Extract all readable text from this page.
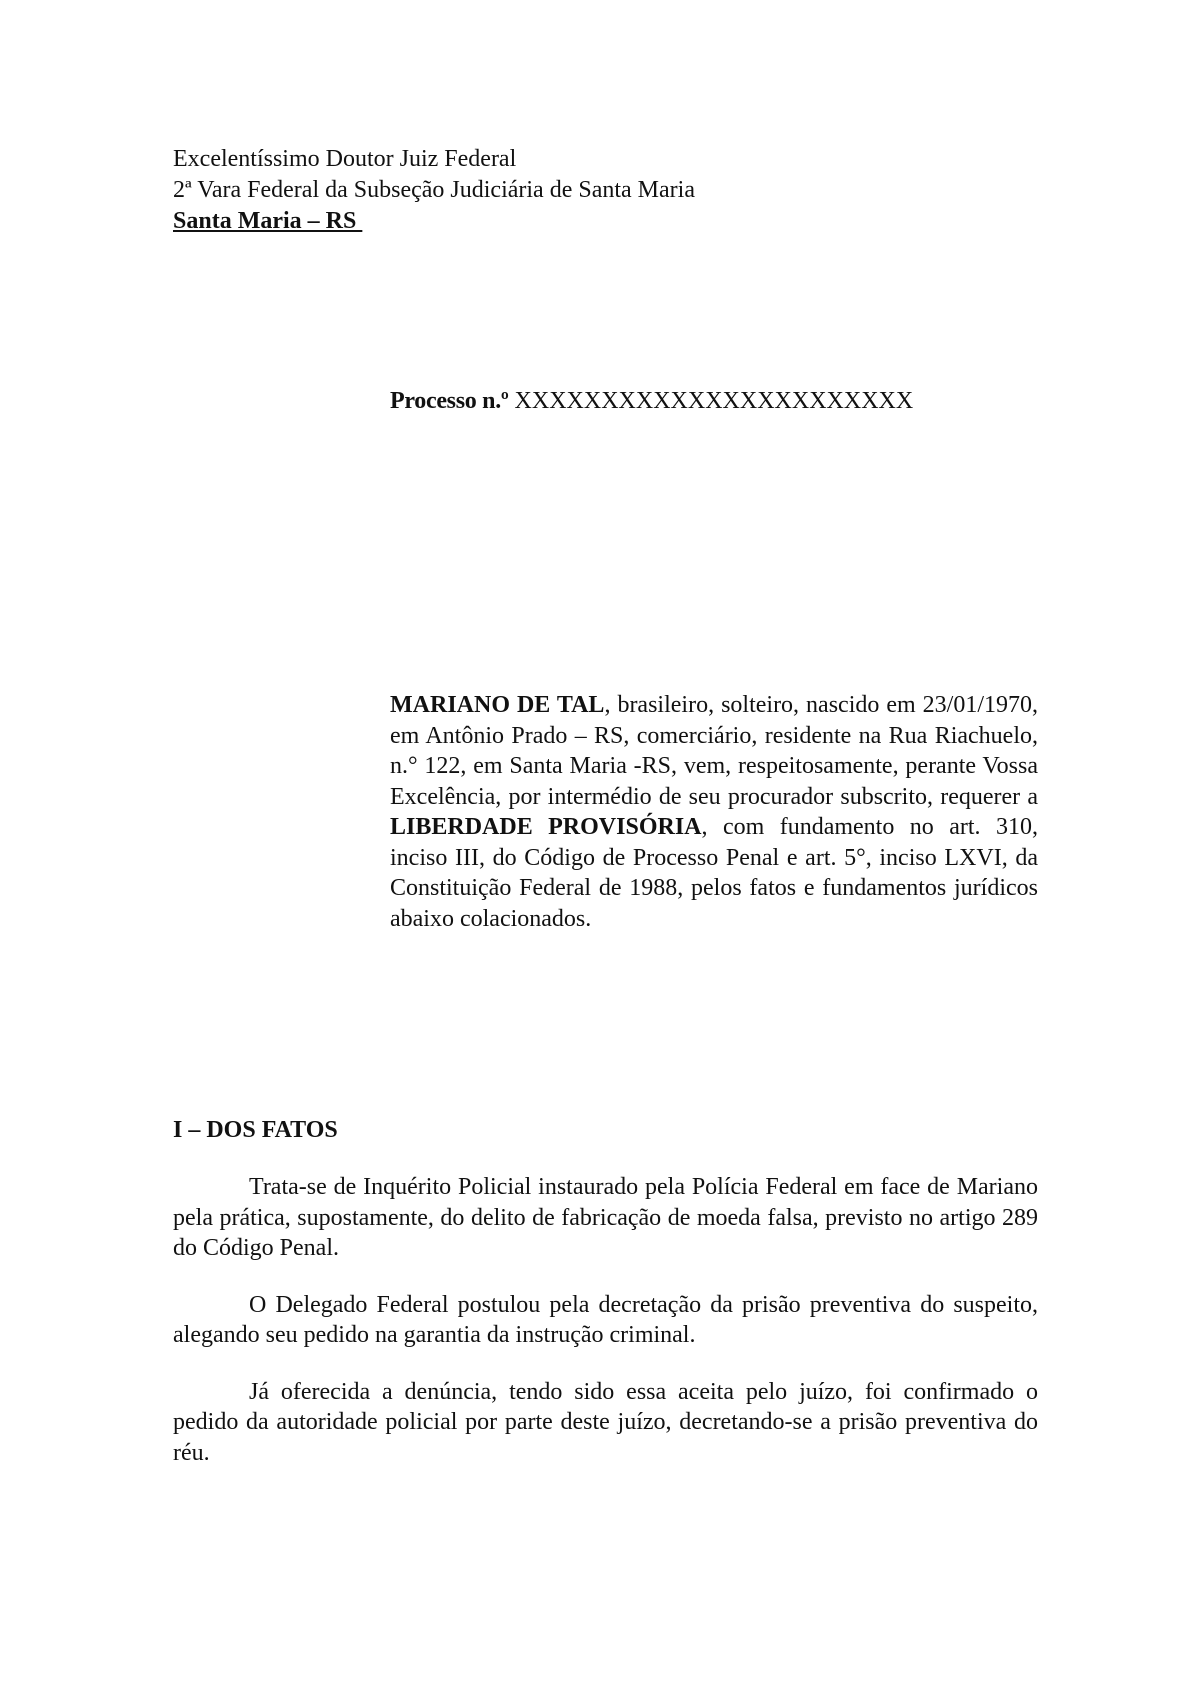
Excelentíssimo Doutor Juiz Federal
2ª Vara Federal da Subseção Judiciária de Santa Maria
Santa Maria – RS
Processo n.º XXXXXXXXXXXXXXXXXXXXXXX
MARIANO DE TAL, brasileiro, solteiro, nascido em 23/01/1970, em Antônio Prado – RS, comerciário, residente na Rua Riachuelo, n.° 122, em Santa Maria -RS, vem, respeitosamente, perante Vossa Excelência, por intermédio de seu procurador subscrito, requerer a LIBERDADE PROVISÓRIA, com fundamento no art. 310, inciso III, do Código de Processo Penal e art. 5°, inciso LXVI, da Constituição Federal de 1988, pelos fatos e fundamentos jurídicos abaixo colacionados.
I – DOS FATOS

Trata-se de Inquérito Policial instaurado pela Polícia Federal em face de Mariano pela prática, supostamente, do delito de fabricação de moeda falsa, previsto no artigo 289 do Código Penal.

O Delegado Federal postulou pela decretação da prisão preventiva do suspeito, alegando seu pedido na garantia da instrução criminal.

Já oferecida a denúncia, tendo sido essa aceita pelo juízo, foi confirmado o pedido da autoridade policial por parte deste juízo, decretando-se a prisão preventiva do réu.
